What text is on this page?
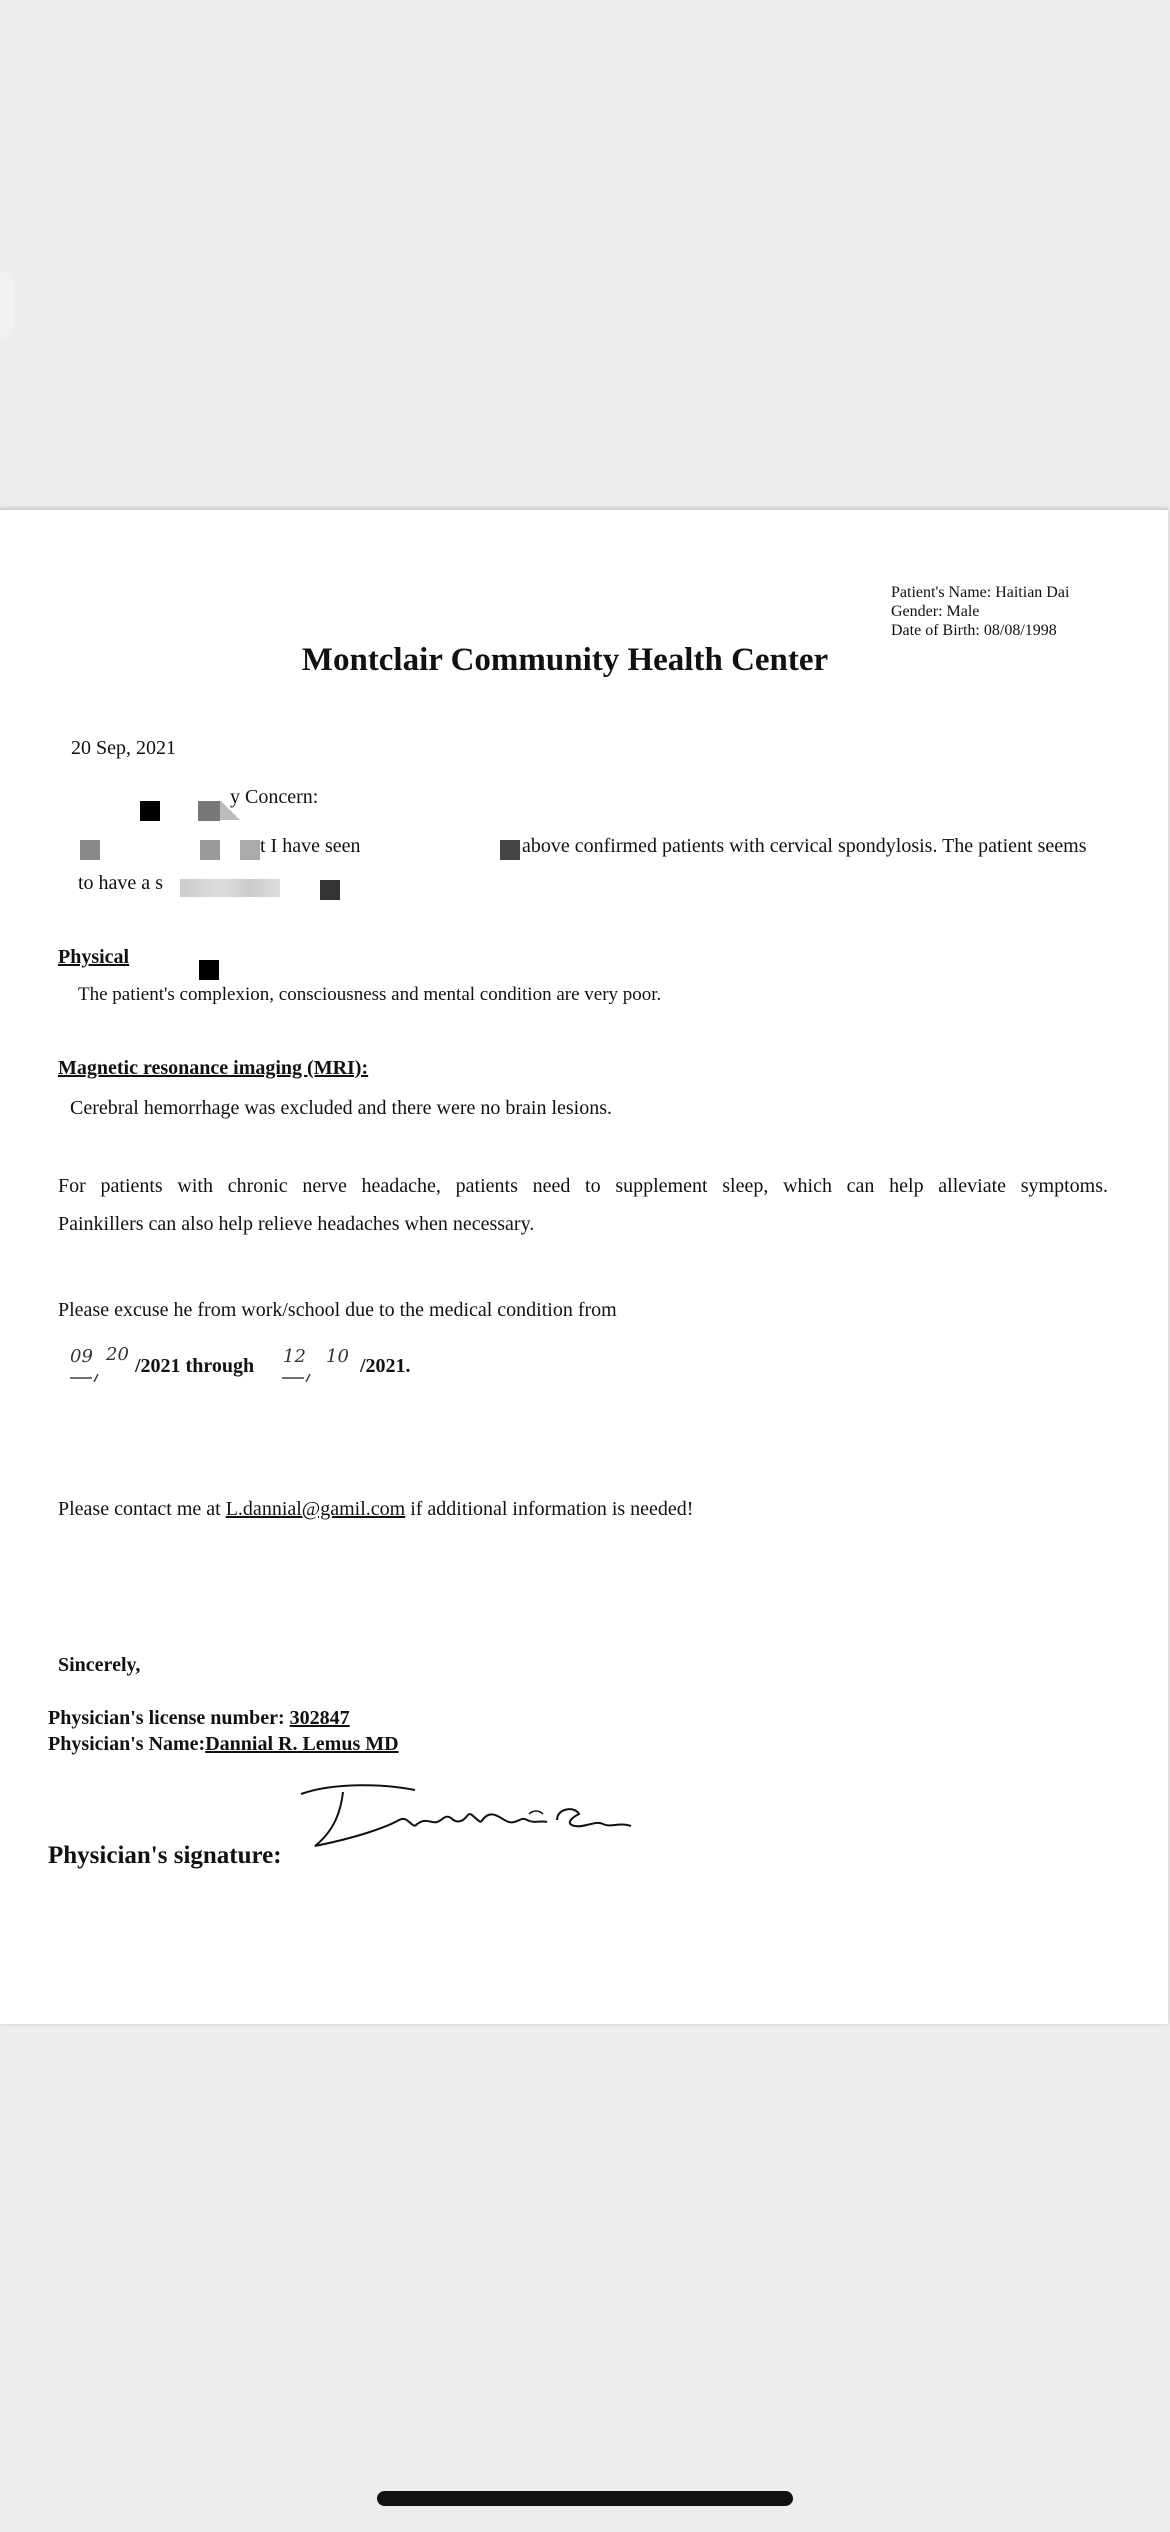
Patient's Name: Haitian Dai
Gender: Male
Date of Birth: 08/08/1998
Montclair Community Health Center
20 Sep, 2021
y Concern:
t I have seen	above confirmed patients with cervical spondylosis. The patient seems
to have a s
Physical
The patient's complexion, consciousness and mental condition are very poor.
Magnetic resonance imaging (MRI):
Cerebral hemorrhage was excluded and there were no brain lesions.
For patients with chronic nerve headache, patients need to supplement sleep, which can help alleviate symptoms.
Painkillers can also help relieve headaches when necessary.
Please excuse he from work/school due to the medical condition from
09 20
/2021 through 12 10 /2021.
Please contact me at L.dannial@gamil.com if additional information is needed!
Sincerely,
Physician's license number: 302847
Physician's Name:Dannial R. Lemus MD
Physician's signature:
